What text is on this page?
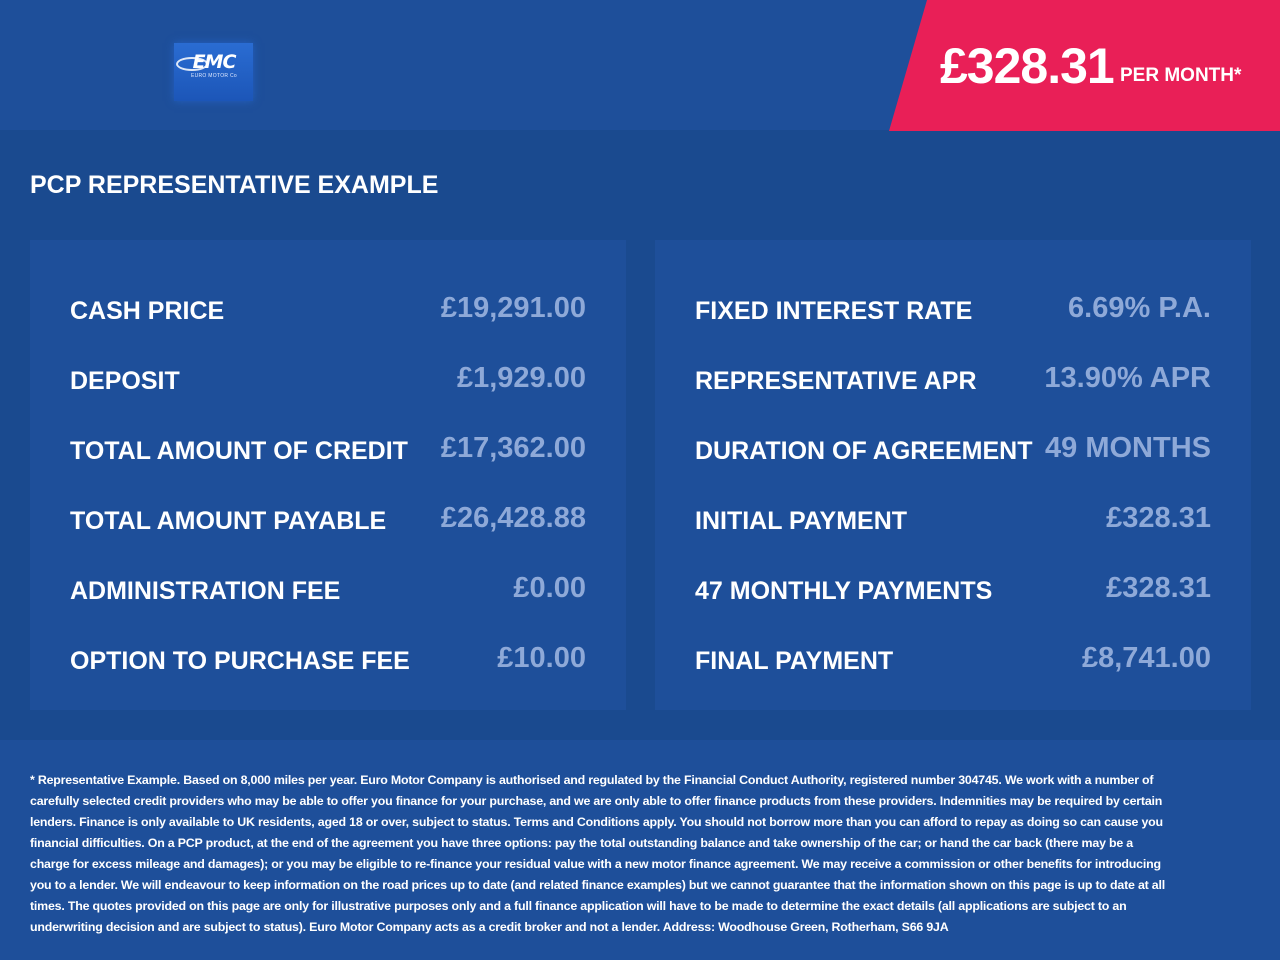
EMC
EURO MOTOR Co	£328.31 PER MONTH*
PCP REPRESENTATIVE EXAMPLE
CASH PRICE	£19,291.00
DEPOSIT	£1,929.00
TOTAL AMOUNT OF CREDIT £17,362.00
TOTAL AMOUNT PAYABLE £26,428.88
ADMINISTRATION FEE	£0.00
OPTION TO PURCHASE FEE	£10.00
FIXED INTEREST RATE	6.69% P.A.
REPRESENTATIVE APR 13.90% APR
DURATION OF AGREEMENT 49 MONTHS
INITIAL PAYMENT	£328.31
47 MONTHLY PAYMENTS	£328.31
FINAL PAYMENT	£8,741.00
* Representative Example. Based on 8,000 miles per year. Euro Motor Company is authorised and regulated by the Financial Conduct Authority, registered number 304745. We work with a number of carefully selected credit providers who may be able to offer you finance for your purchase, and we are only able to offer finance products from these providers. Indemnities may be required by certain lenders. Finance is only available to UK residents, aged 18 or over, subject to status. Terms and Conditions apply. You should not borrow more than you can afford to repay as doing so can cause you financial difficulties. On a PCP product, at the end of the agreement you have three options: pay the total outstanding balance and take ownership of the car; or hand the car back (there may be a charge for excess mileage and damages); or you may be eligible to re-finance your residual value with a new motor finance agreement. We may receive a commission or other benefits for introducing you to a lender. We will endeavour to keep information on the road prices up to date (and related finance examples) but we cannot guarantee that the information shown on this page is up to date at all times. The quotes provided on this page are only for illustrative purposes only and a full finance application will have to be made to determine the exact details (all applications are subject to an underwriting decision and are subject to status). Euro Motor Company acts as a credit broker and not a lender. Address: Woodhouse Green, Rotherham, S66 9JA
